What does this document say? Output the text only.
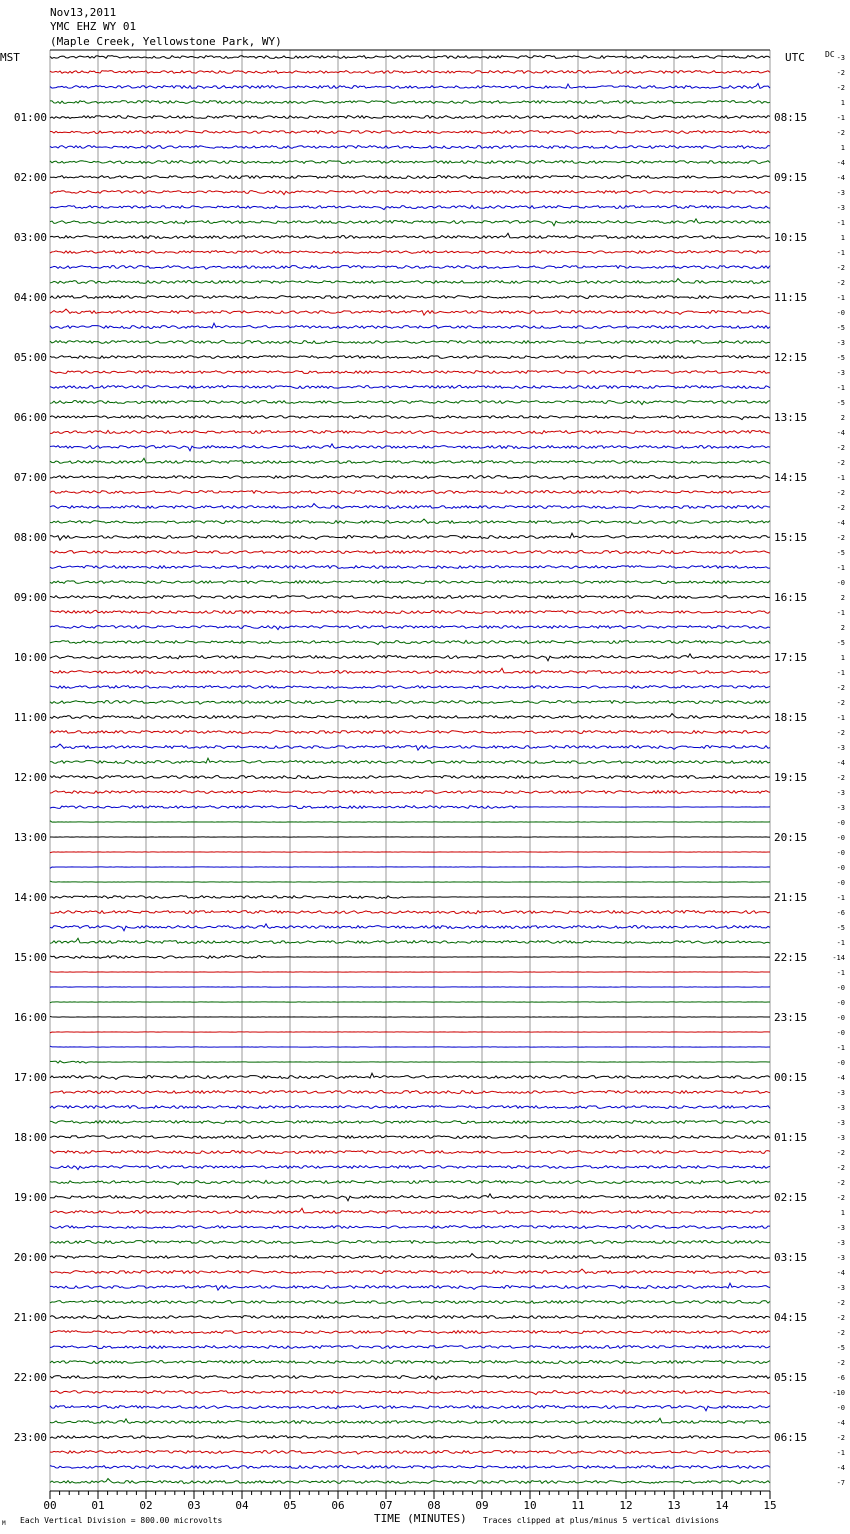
Nov13,2011
YMC EHZ WY 01
(Maple Creek, Yellowstone Park, WY)
MST	UTC	DC
01:00
02:00
03:00
04:00
05:00
06:00
07:00
08:00
09:00
10:00
11:00
12:00
13:00
14:00
15:00
16:00
17:00
18:00
19:00
20:00
21:00
22:00
23:00
08:15
09:15
10:15
11:15
12:15
13:15
14:15
15:15
16:15
17:15
18:15
19:15
20:15
21:15
22:15
23:15
00:15
01:15
02:15
03:15
04:15
05:15
06:15
-3
-2
-2
1
-1
-2
1
-4
-4
-3
-3
-1
1
-1
-2
-2
-1
-0
-5
-3
-5
-3
-1
-5
2
-4
-2
-2
-1
-2
-2
-4
-2
-5
-1
-0
2
-1
2
-5
1
-1
-2
-2
-1
-2
-3
-4
-2
-3
-3
-0
-0
-0
-0
-0
-1
-6
-5
-1
-14
-1
-0
-0
-0
-0
-1
-0
-4
-3
-3
-3
-3
-2
-2
-2
-2
1
-3
-3
-3
-4
-3
-2
-2
-2
-5
-2
-6
-10
-0
-4
-2
-1
-4
-7
00	01	02	03	04	05	06	07	08	09	10	11	12	13	14	15
M Each Vertical Division = 800.00 microvolts	TIME (MINUTES) Traces clipped at plus/minus 5 vertical divisions
